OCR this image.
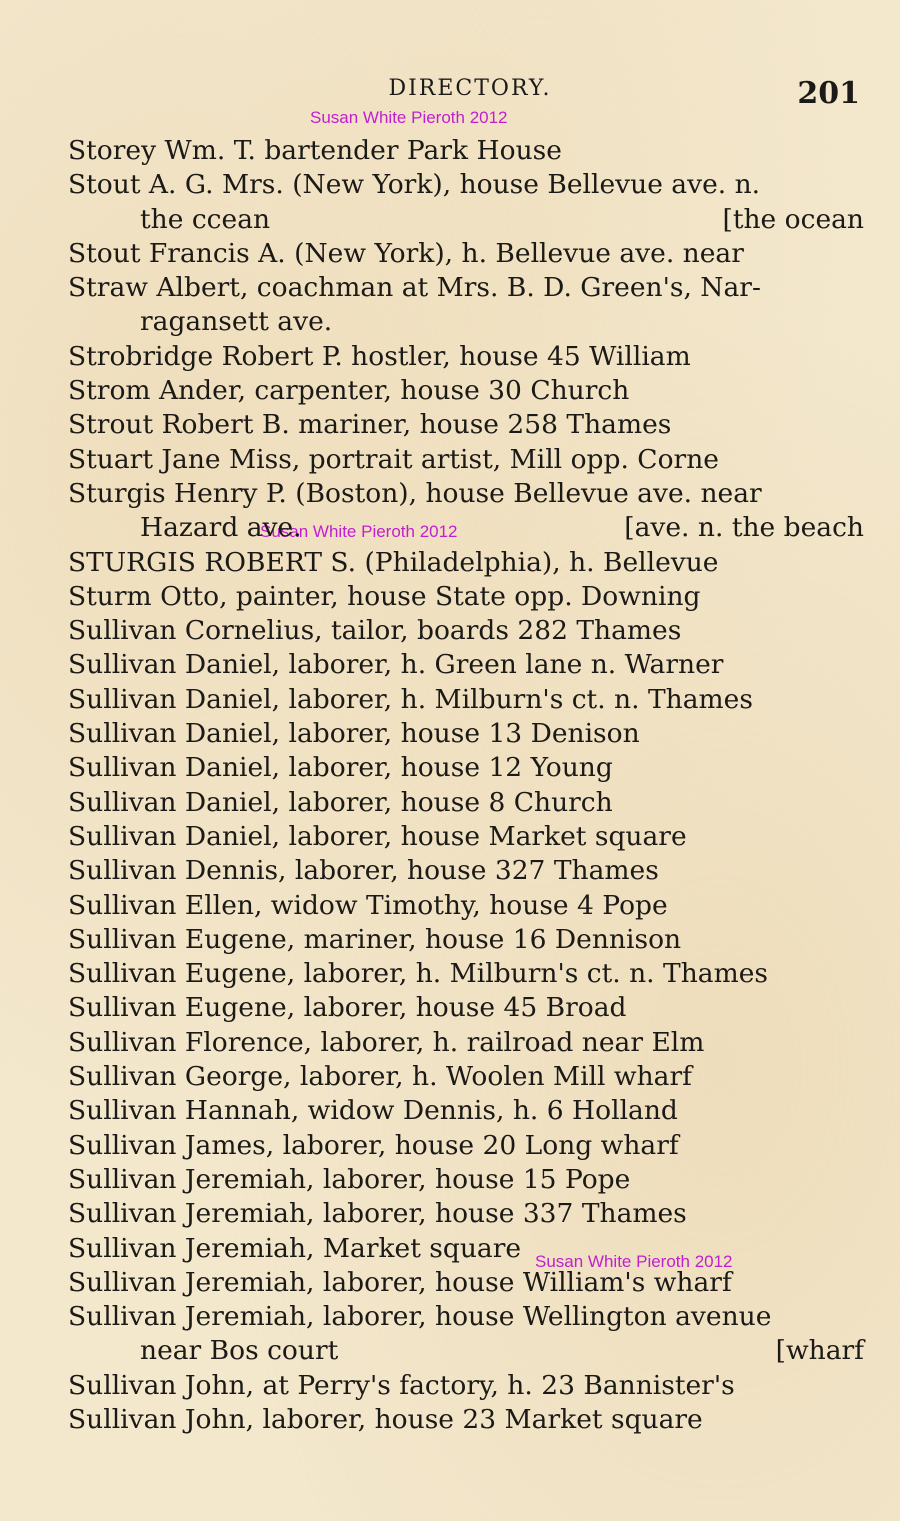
DIRECTORY.	201
Susan White Pieroth 2012
Susan White Pieroth 2012
Susan White Pieroth 2012
Storey Wm. T. bartender Park House
Stout A. G. Mrs. (New York), house Bellevue ave. n.
the ccean	[the ocean
Stout Francis A. (New York), h. Bellevue ave. near
Straw Albert, coachman at Mrs. B. D. Green's, Nar-
ragansett ave.
Strobridge Robert P. hostler, house 45 William
Strom Ander, carpenter, house 30 Church
Strout Robert B. mariner, house 258 Thames
Stuart Jane Miss, portrait artist, Mill opp. Corne
Sturgis Henry P. (Boston), house Bellevue ave. near
Hazard ave.	[ave. n. the beach
STURGIS ROBERT S. (Philadelphia), h. Bellevue
Sturm Otto, painter, house State opp. Downing
Sullivan Cornelius, tailor, boards 282 Thames
Sullivan Daniel, laborer, h. Green lane n. Warner
Sullivan Daniel, laborer, h. Milburn's ct. n. Thames
Sullivan Daniel, laborer, house 13 Denison
Sullivan Daniel, laborer, house 12 Young
Sullivan Daniel, laborer, house 8 Church
Sullivan Daniel, laborer, house Market square
Sullivan Dennis, laborer, house 327 Thames
Sullivan Ellen, widow Timothy, house 4 Pope
Sullivan Eugene, mariner, house 16 Dennison
Sullivan Eugene, laborer, h. Milburn's ct. n. Thames
Sullivan Eugene, laborer, house 45 Broad
Sullivan Florence, laborer, h. railroad near Elm
Sullivan George, laborer, h. Woolen Mill wharf
Sullivan Hannah, widow Dennis, h. 6 Holland
Sullivan James, laborer, house 20 Long wharf
Sullivan Jeremiah, laborer, house 15 Pope
Sullivan Jeremiah, laborer, house 337 Thames
Sullivan Jeremiah, Market square
Sullivan Jeremiah, laborer, house William's wharf
Sullivan Jeremiah, laborer, house Wellington avenue
near Bos court	[wharf
Sullivan John, at Perry's factory, h. 23 Bannister's
Sullivan John, laborer, house 23 Market square
